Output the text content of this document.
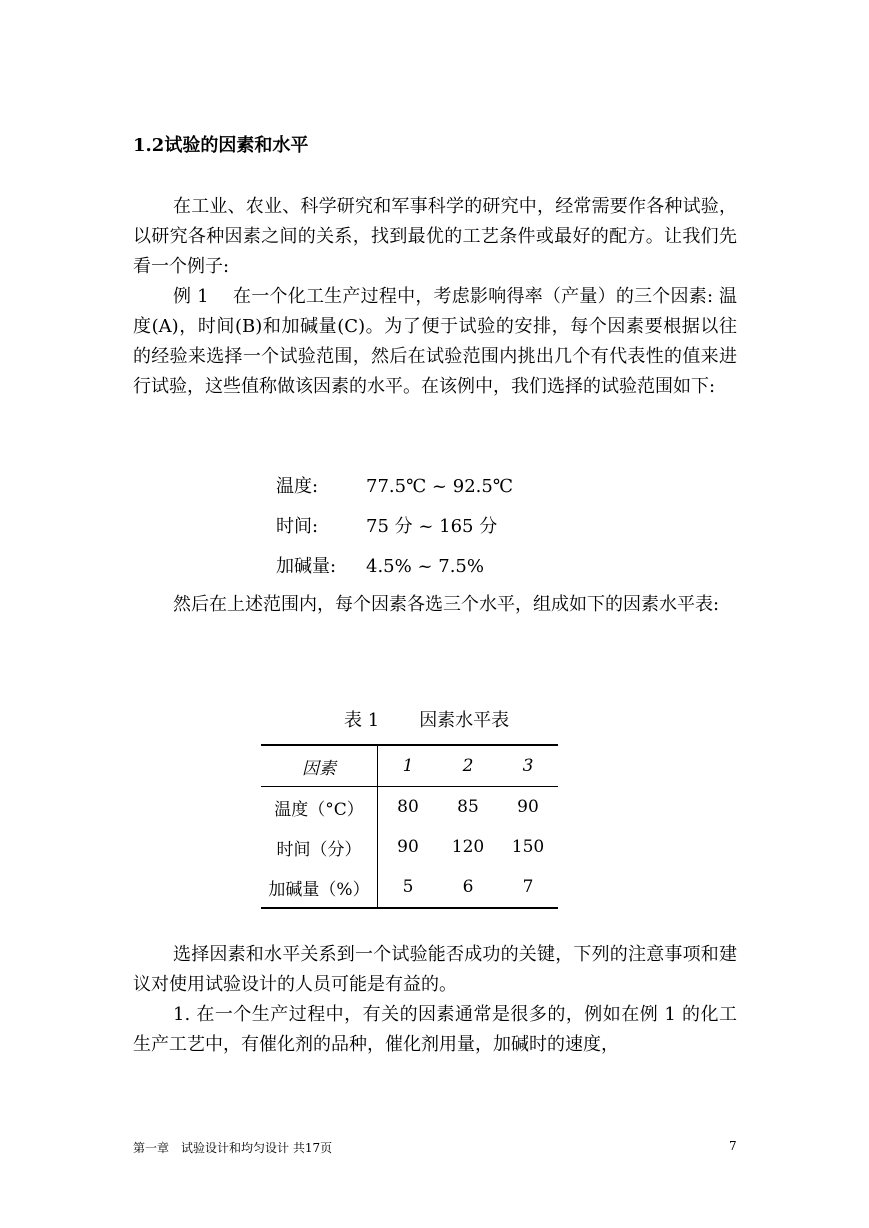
1.2试验的因素和水平

在工业、农业、科学研究和军事科学的研究中，经常需要作各种试验，以研究各种因素之间的关系，找到最优的工艺条件或最好的配方。让我们先看一个例子:

例 1　 在一个化工生产过程中，考虑影响得率（产量）的三个因素: 温度(A)，时间(B)和加碱量(C)。为了便于试验的安排，每个因素要根据以往的经验来选择一个试验范围，然后在试验范围内挑出几个有代表性的值来进行试验，这些值称做该因素的水平。在该例中，我们选择的试验范围如下:

温度:	77.5℃ ~ 92.5℃
时间:	75 分 ~ 165 分
加碱量: 4.5% ~ 7.5%

然后在上述范围内，每个因素各选三个水平，组成如下的因素水平表:

表 1 因素水平表
因素	1	2	3
温度（°C）	80	85	90
时间（分）	90	120	150
加碱量（%）	5	6	7

选择因素和水平关系到一个试验能否成功的关键，下列的注意事项和建议对使用试验设计的人员可能是有益的。

1. 在一个生产过程中，有关的因素通常是很多的，例如在例 1 的化工生产工艺中，有催化剂的品种，催化剂用量，加碱时的速度，

第一章　试验设计和均匀设计 共17页	7
